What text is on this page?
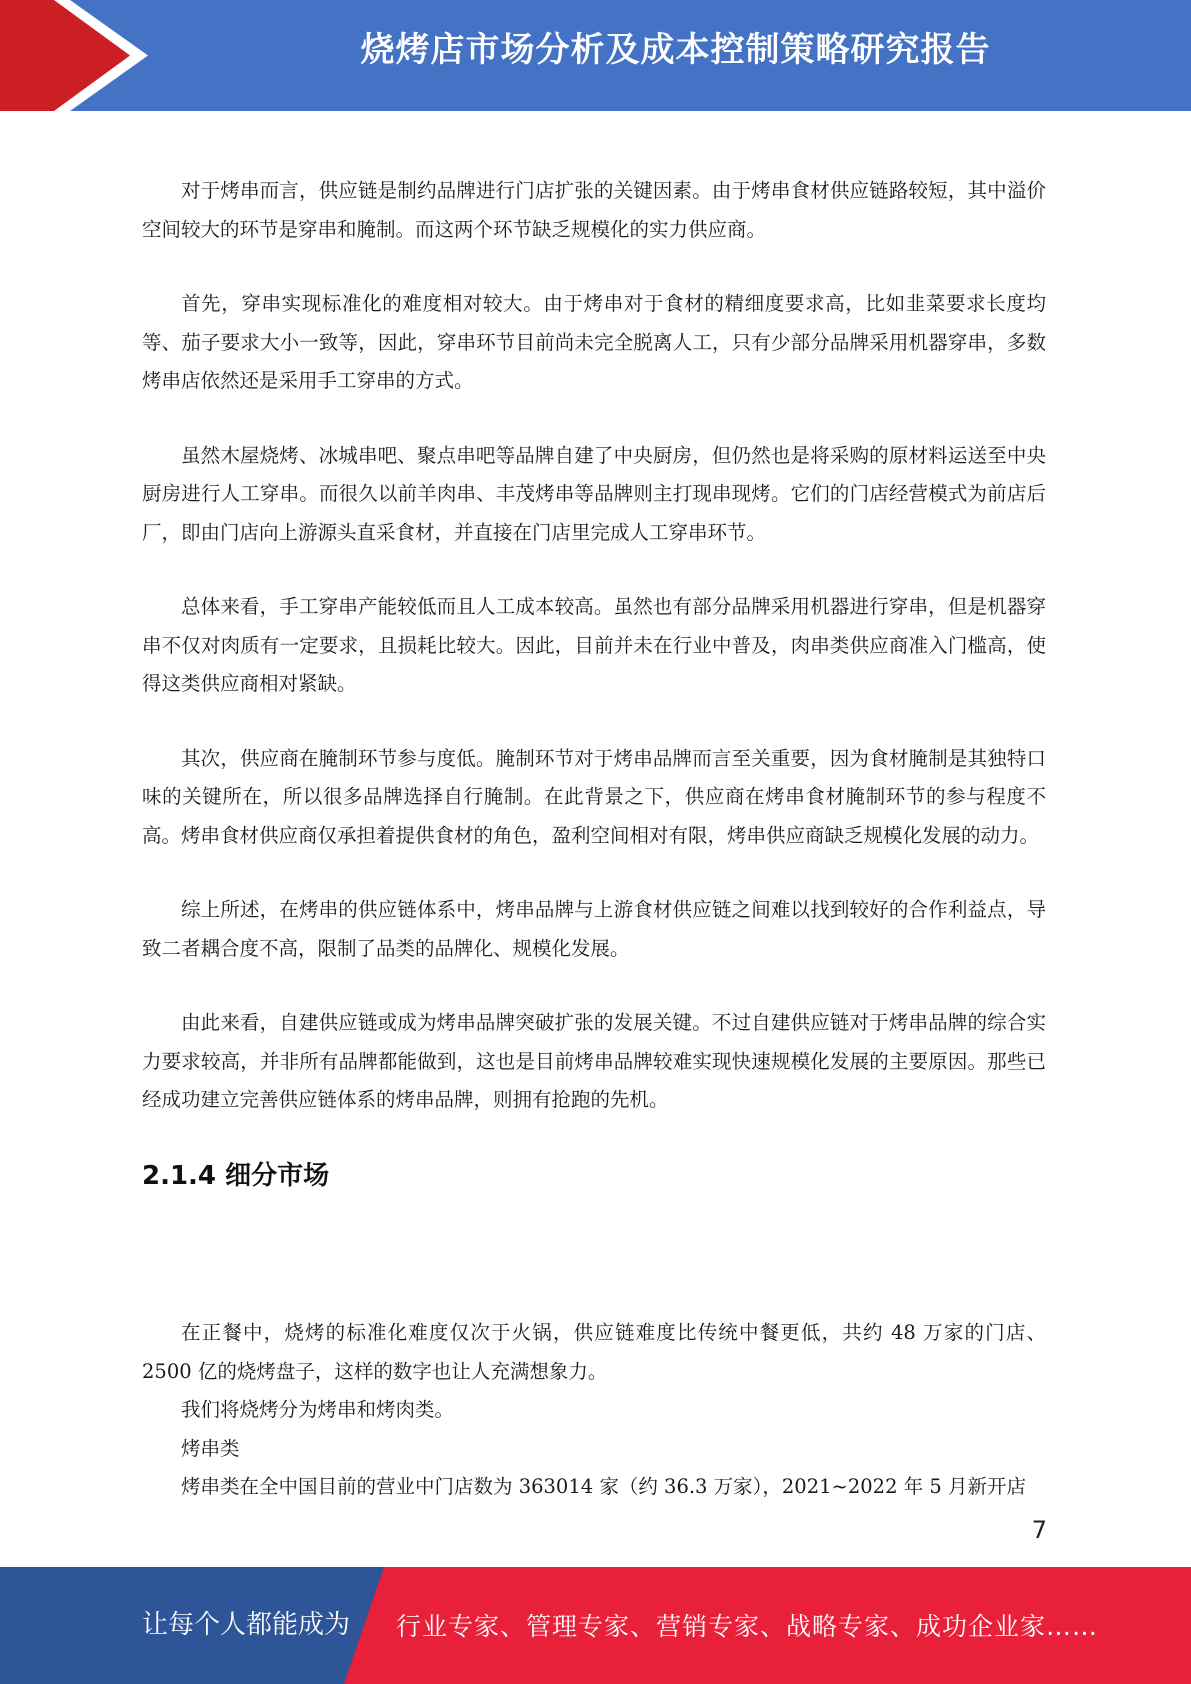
烧烤店市场分析及成本控制策略研究报告

对于烤串而言，供应链是制约品牌进行门店扩张的关键因素。由于烤串食材供应链路较短，其中溢价空间较大的环节是穿串和腌制。而这两个环节缺乏规模化的实力供应商。

首先，穿串实现标准化的难度相对较大。由于烤串对于食材的精细度要求高，比如韭菜要求长度均等、茄子要求大小一致等，因此，穿串环节目前尚未完全脱离人工，只有少部分品牌采用机器穿串，多数烤串店依然还是采用手工穿串的方式。

虽然木屋烧烤、冰城串吧、聚点串吧等品牌自建了中央厨房，但仍然也是将采购的原材料运送至中央厨房进行人工穿串。而很久以前羊肉串、丰茂烤串等品牌则主打现串现烤。它们的门店经营模式为前店后厂，即由门店向上游源头直采食材，并直接在门店里完成人工穿串环节。

总体来看，手工穿串产能较低而且人工成本较高。虽然也有部分品牌采用机器进行穿串，但是机器穿串不仅对肉质有一定要求，且损耗比较大。因此，目前并未在行业中普及，肉串类供应商准入门槛高，使得这类供应商相对紧缺。

其次，供应商在腌制环节参与度低。腌制环节对于烤串品牌而言至关重要，因为食材腌制是其独特口味的关键所在，所以很多品牌选择自行腌制。在此背景之下，供应商在烤串食材腌制环节的参与程度不高。烤串食材供应商仅承担着提供食材的角色，盈利空间相对有限，烤串供应商缺乏规模化发展的动力。

综上所述，在烤串的供应链体系中，烤串品牌与上游食材供应链之间难以找到较好的合作利益点，导致二者耦合度不高，限制了品类的品牌化、规模化发展。

由此来看，自建供应链或成为烤串品牌突破扩张的发展关键。不过自建供应链对于烤串品牌的综合实力要求较高，并非所有品牌都能做到，这也是目前烤串品牌较难实现快速规模化发展的主要原因。那些已经成功建立完善供应链体系的烤串品牌，则拥有抢跑的先机。

2.1.4 细分市场

在正餐中，烧烤的标准化难度仅次于火锅，供应链难度比传统中餐更低，共约 48 万家的门店、2500 亿的烧烤盘子，这样的数字也让人充满想象力。

我们将烧烤分为烤串和烤肉类。

烤串类

烤串类在全中国目前的营业中门店数为 363014 家（约 36.3 万家），2021~2022 年 5 月新开店

7
让每个人都能成为 行业专家、管理专家、营销专家、战略专家、成功企业家……
